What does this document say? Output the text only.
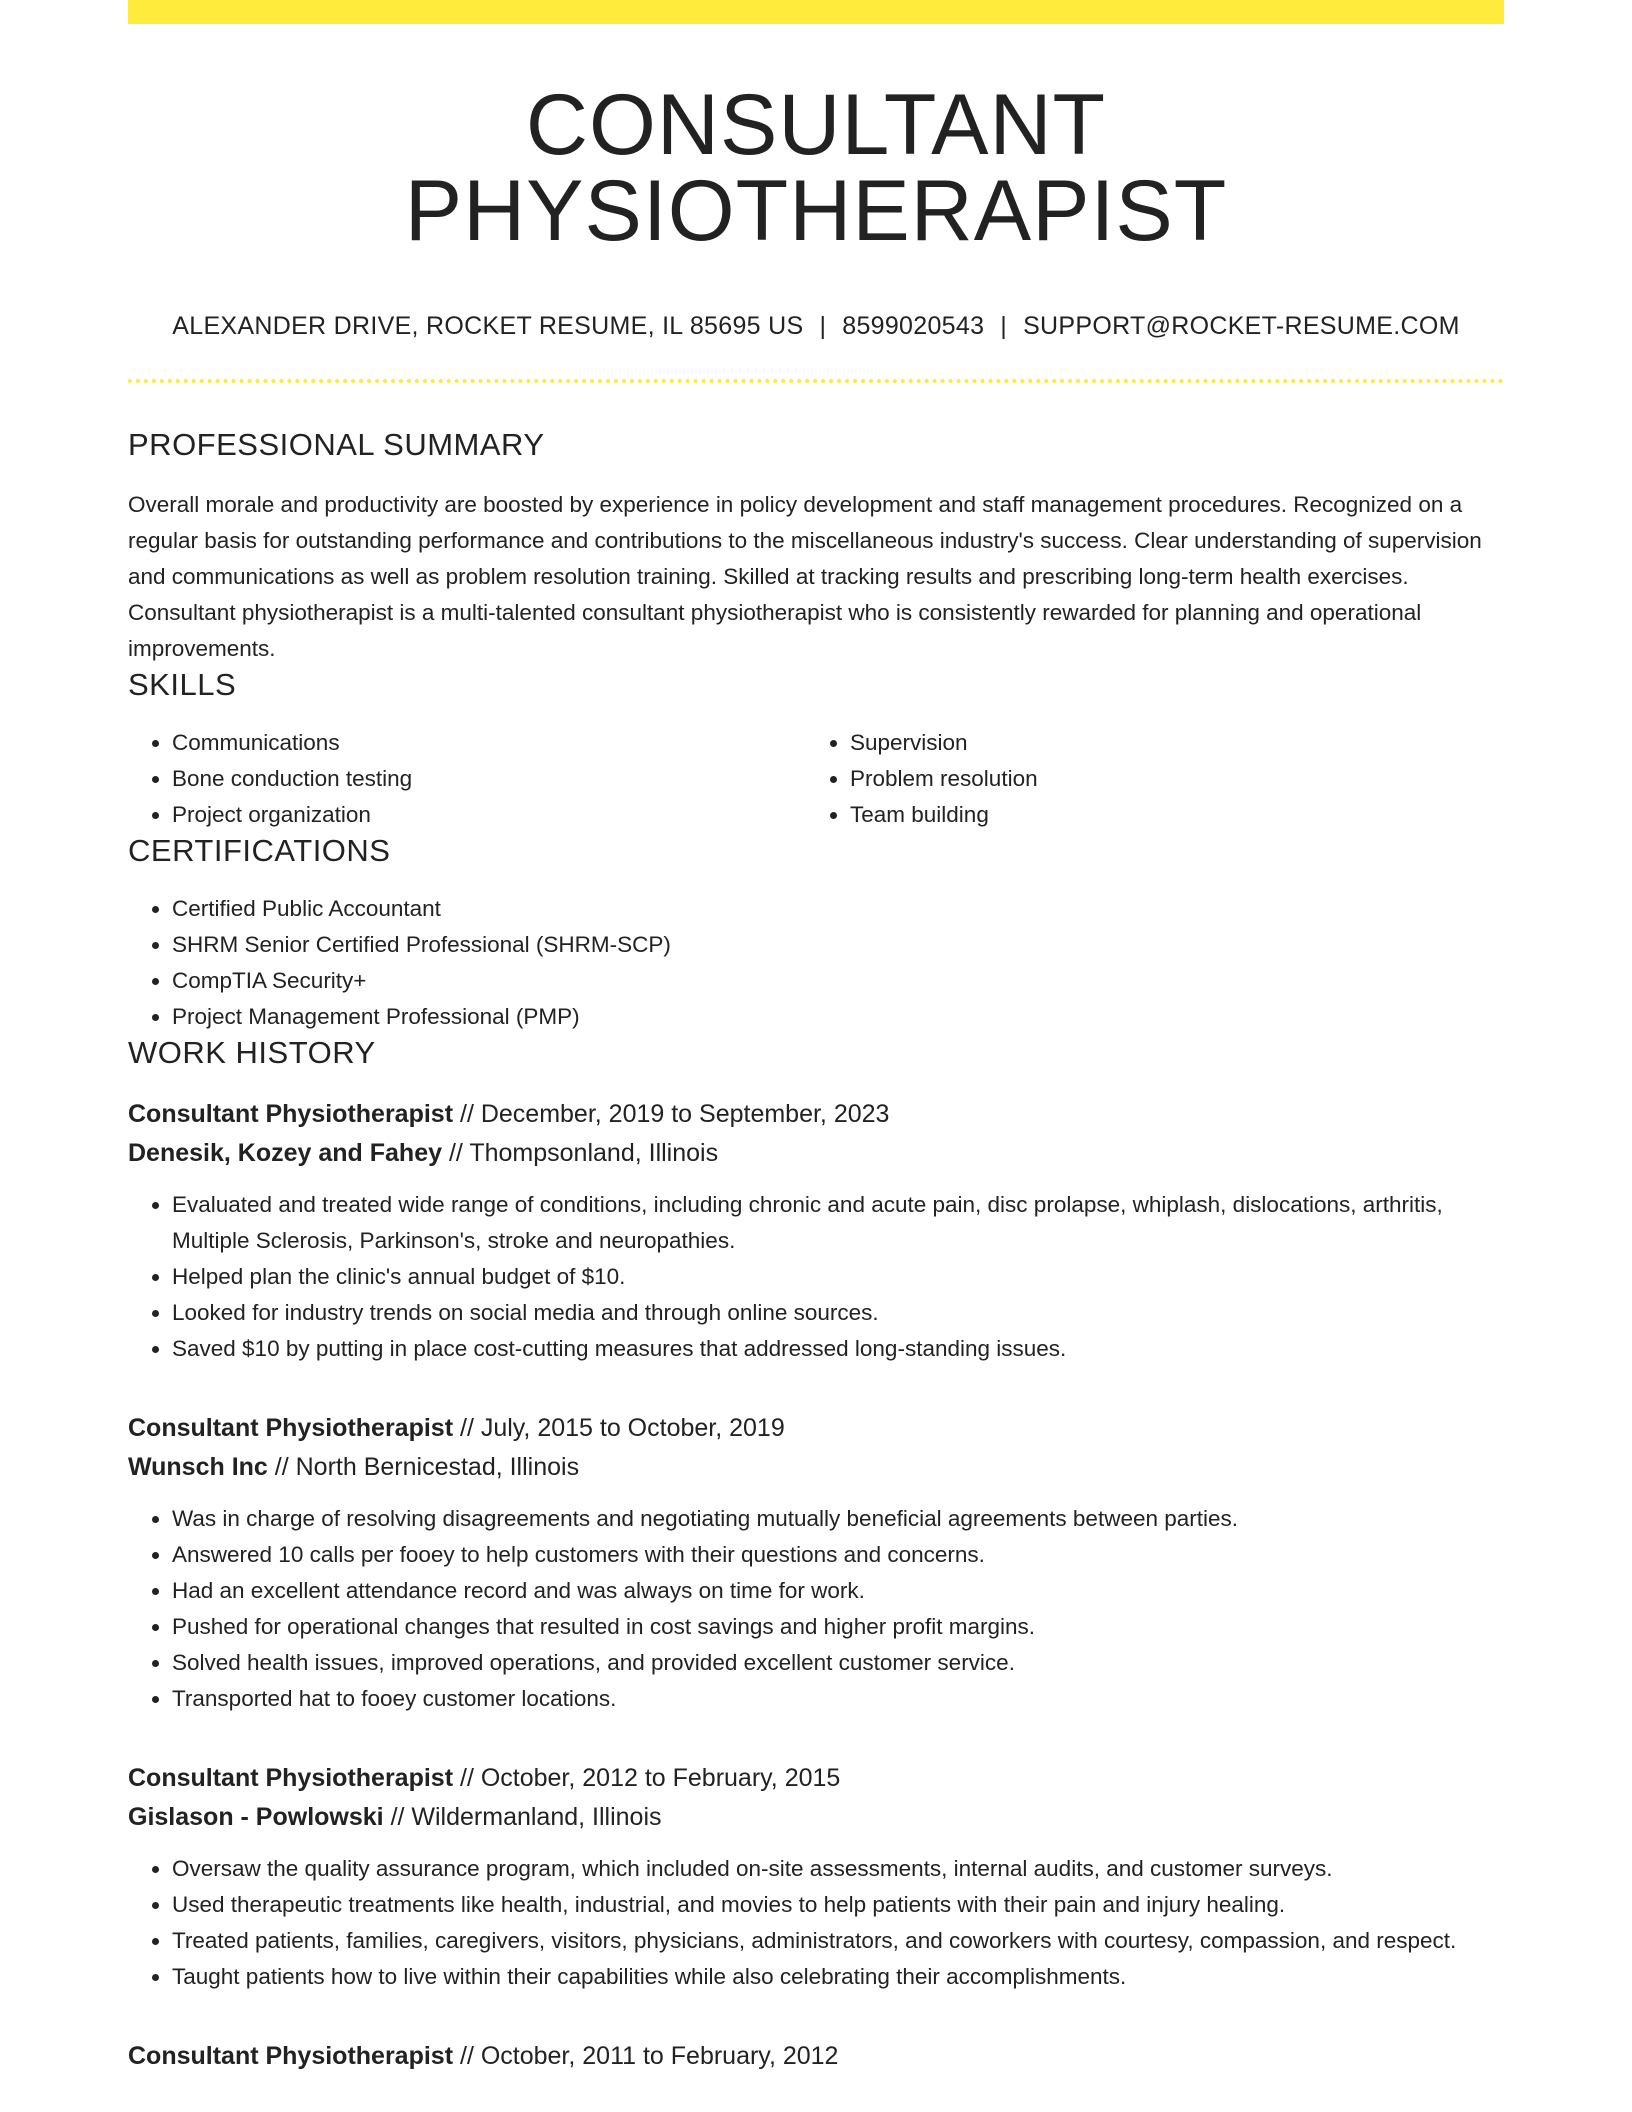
CONSULTANT PHYSIOTHERAPIST
ALEXANDER DRIVE, ROCKET RESUME, IL 85695 US | 8599020543 | SUPPORT@ROCKET-RESUME.COM
PROFESSIONAL SUMMARY

Overall morale and productivity are boosted by experience in policy development and staff management procedures. Recognized on a regular basis for outstanding performance and contributions to the miscellaneous industry's success. Clear understanding of supervision and communications as well as problem resolution training. Skilled at tracking results and prescribing long-term health exercises. Consultant physiotherapist is a multi-talented consultant physiotherapist who is consistently rewarded for planning and operational improvements.

SKILLS
• Communications
• Bone conduction testing
• Project organization
• Supervision
• Problem resolution
• Team building
CERTIFICATIONS
• Certified Public Accountant
• SHRM Senior Certified Professional (SHRM-SCP)
• CompTIA Security+
• Project Management Professional (PMP)
WORK HISTORY
Consultant Physiotherapist // December, 2019 to September, 2023
Denesik, Kozey and Fahey // Thompsonland, Illinois
• Evaluated and treated wide range of conditions, including chronic and acute pain, disc prolapse, whiplash, dislocations, arthritis, Multiple Sclerosis, Parkinson's, stroke and neuropathies.
• Helped plan the clinic's annual budget of $10.
• Looked for industry trends on social media and through online sources.
• Saved $10 by putting in place cost-cutting measures that addressed long-standing issues.
Consultant Physiotherapist // July, 2015 to October, 2019
Wunsch Inc // North Bernicestad, Illinois
• Was in charge of resolving disagreements and negotiating mutually beneficial agreements between parties.
• Answered 10 calls per fooey to help customers with their questions and concerns.
• Had an excellent attendance record and was always on time for work.
• Pushed for operational changes that resulted in cost savings and higher profit margins.
• Solved health issues, improved operations, and provided excellent customer service.
• Transported hat to fooey customer locations.
Consultant Physiotherapist // October, 2012 to February, 2015
Gislason - Powlowski // Wildermanland, Illinois
• Oversaw the quality assurance program, which included on-site assessments, internal audits, and customer surveys.
• Used therapeutic treatments like health, industrial, and movies to help patients with their pain and injury healing.
• Treated patients, families, caregivers, visitors, physicians, administrators, and coworkers with courtesy, compassion, and respect.
• Taught patients how to live within their capabilities while also celebrating their accomplishments.
Consultant Physiotherapist // October, 2011 to February, 2012
